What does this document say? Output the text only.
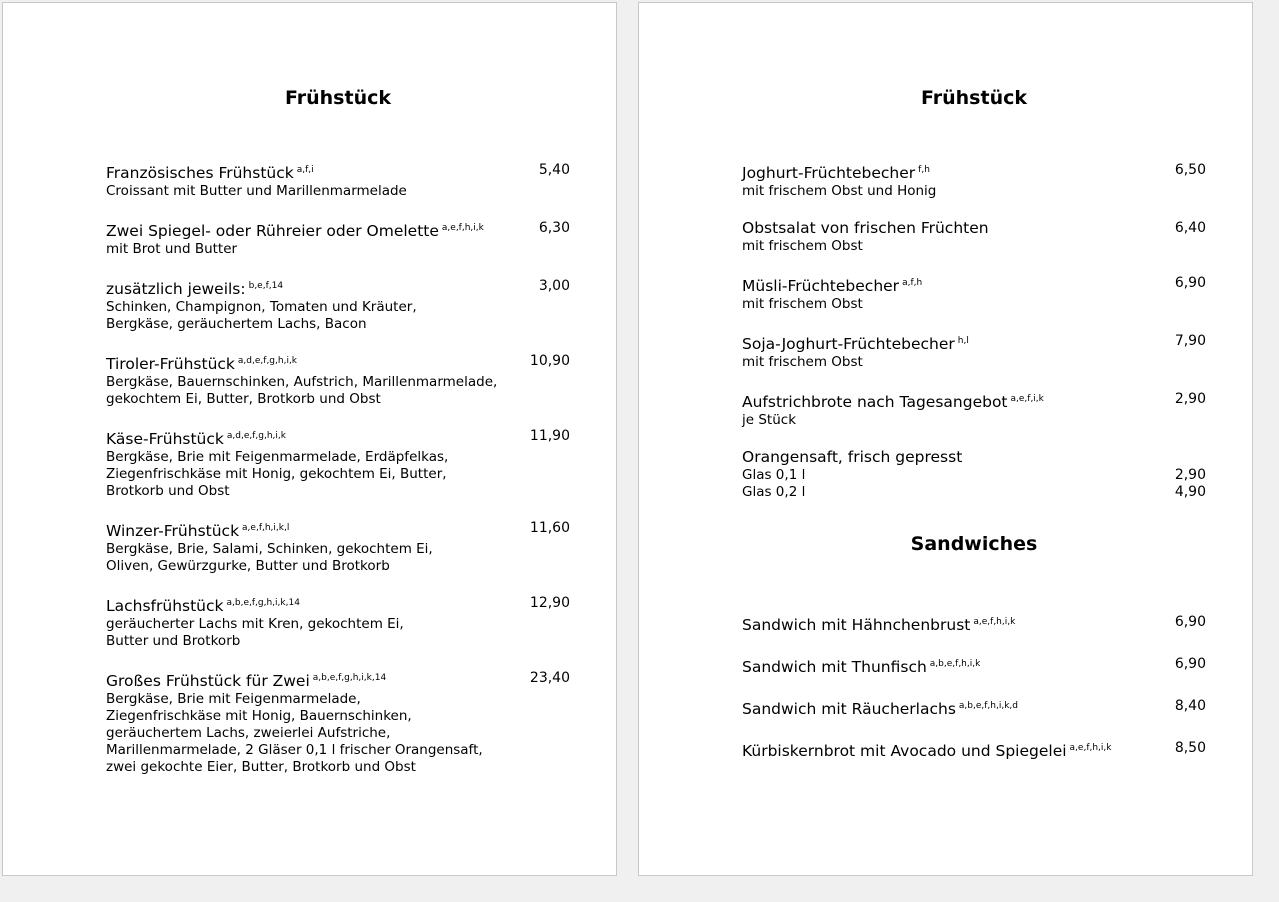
Frühstück
Französisches Frühstück $^{a,f,i}$	5,40
Croissant mit Butter und Marillenmarmelade
Zwei Spiegel- oder Rühreier oder Omelette $^{a,e,f,h,i,k}$	6,30
mit Brot und Butter
zusätzlich jeweils: $^{b,e,f,14}$	3,00
Schinken, Champignon, Tomaten und Kräuter,
Bergkäse, geräuchertem Lachs, Bacon
Tiroler-Frühstück $^{a,d,e,f,g,h,i,k}$	10,90
Bergkäse, Bauernschinken, Aufstrich, Marillenmarmelade,
gekochtem Ei, Butter, Brotkorb und Obst
Käse-Frühstück $^{a,d,e,f,g,h,i,k}$	11,90
Bergkäse, Brie mit Feigenmarmelade, Erdäpfelkas,
Ziegenfrischkäse mit Honig, gekochtem Ei, Butter,
Brotkorb und Obst
Winzer-Frühstück $^{a,e,f,h,i,k,l}$	11,60
Bergkäse, Brie, Salami, Schinken, gekochtem Ei,
Oliven, Gewürzgurke, Butter und Brotkorb
Lachsfrühstück $^{a,b,e,f,g,h,i,k,14}$	12,90
geräucherter Lachs mit Kren, gekochtem Ei,
Butter und Brotkorb
Großes Frühstück für Zwei $^{a,b,e,f,g,h,i,k,14}$	23,40
Bergkäse, Brie mit Feigenmarmelade,
Ziegenfrischkäse mit Honig, Bauernschinken,
geräuchertem Lachs, zweierlei Aufstriche,
Marillenmarmelade, 2 Gläser 0,1 l frischer Orangensaft,
zwei gekochte Eier, Butter, Brotkorb und Obst
Frühstück
Joghurt-Früchtebecher $^{f,h}$	6,50
mit frischem Obst und Honig
Obstsalat von frischen Früchten	6,40
mit frischem Obst
Müsli-Früchtebecher $^{a,f,h}$	6,90
mit frischem Obst
Soja-Joghurt-Früchtebecher $^{h,l}$	7,90
mit frischem Obst
Aufstrichbrote nach Tagesangebot $^{a,e,f,i,k}$	2,90
je Stück
Orangensaft, frisch gepresst
Glas 0,1 l	2,90
Glas 0,2 l	4,90
Sandwiches
Sandwich mit Hähnchenbrust $^{a,e,f,h,i,k}$	6,90
Sandwich mit Thunfisch $^{a,b,e,f,h,i,k}$	6,90
Sandwich mit Räucherlachs $^{a,b,e,f,h,i,k,d}$	8,40
Kürbiskernbrot mit Avocado und Spiegelei $^{a,e,f,h,i,k}$	8,50
